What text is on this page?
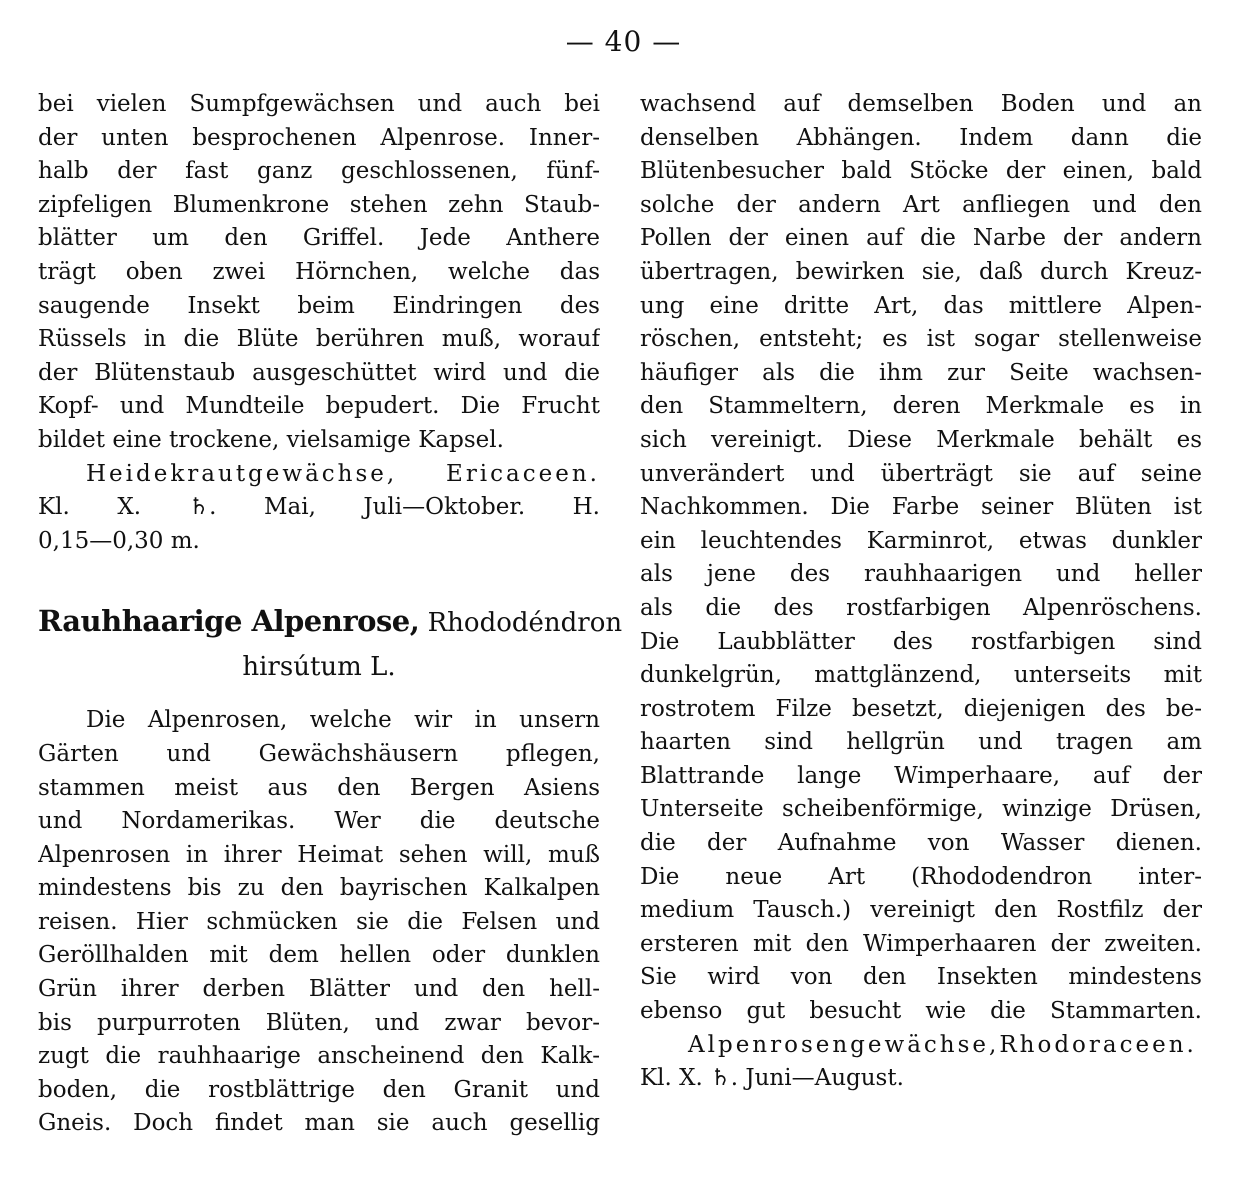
— 40 —
bei vielen Sumpfgewächsen und auch bei
der unten besprochenen Alpenrose. Inner-
halb der fast ganz geschlossenen, fünf-
zipfeligen Blumenkrone stehen zehn Staub-
blätter um den Griffel. Jede Anthere
trägt oben zwei Hörnchen, welche das
saugende Insekt beim Eindringen des
Rüssels in die Blüte berühren muß, worauf
der Blütenstaub ausgeschüttet wird und die
Kopf- und Mundteile bepudert. Die Frucht
bildet eine trockene, vielsamige Kapsel.
Heidekrautgewächse, Ericaceen.
Kl. X. ♄. Mai, Juli—Oktober. H.
0,15—0,30 m.
Rauhhaarige Alpenrose, Rhododéndron
hirsútum L.
Die Alpenrosen, welche wir in unsern
Gärten und Gewächshäusern pflegen,
stammen meist aus den Bergen Asiens
und Nordamerikas. Wer die deutsche
Alpenrosen in ihrer Heimat sehen will, muß
mindestens bis zu den bayrischen Kalkalpen
reisen. Hier schmücken sie die Felsen und
Geröllhalden mit dem hellen oder dunklen
Grün ihrer derben Blätter und den hell-
bis purpurroten Blüten, und zwar bevor-
zugt die rauhhaarige anscheinend den Kalk-
boden, die rostblättrige den Granit und
Gneis. Doch findet man sie auch gesellig
wachsend auf demselben Boden und an
denselben Abhängen. Indem dann die
Blütenbesucher bald Stöcke der einen, bald
solche der andern Art anfliegen und den
Pollen der einen auf die Narbe der andern
übertragen, bewirken sie, daß durch Kreuz-
ung eine dritte Art, das mittlere Alpen-
röschen, entsteht; es ist sogar stellenweise
häufiger als die ihm zur Seite wachsen-
den Stammeltern, deren Merkmale es in
sich vereinigt. Diese Merkmale behält es
unverändert und überträgt sie auf seine
Nachkommen. Die Farbe seiner Blüten ist
ein leuchtendes Karminrot, etwas dunkler
als jene des rauhhaarigen und heller
als die des rostfarbigen Alpenröschens.
Die Laubblätter des rostfarbigen sind
dunkelgrün, mattglänzend, unterseits mit
rostrotem Filze besetzt, diejenigen des be-
haarten sind hellgrün und tragen am
Blattrande lange Wimperhaare, auf der
Unterseite scheibenförmige, winzige Drüsen,
die der Aufnahme von Wasser dienen.
Die neue Art (Rhododendron inter-
medium Tausch.) vereinigt den Rostfilz der
ersteren mit den Wimperhaaren der zweiten.
Sie wird von den Insekten mindestens
ebenso gut besucht wie die Stammarten.
Alpenrosengewächse,Rhodoraceen.
Kl. X. ♄. Juni—August.
